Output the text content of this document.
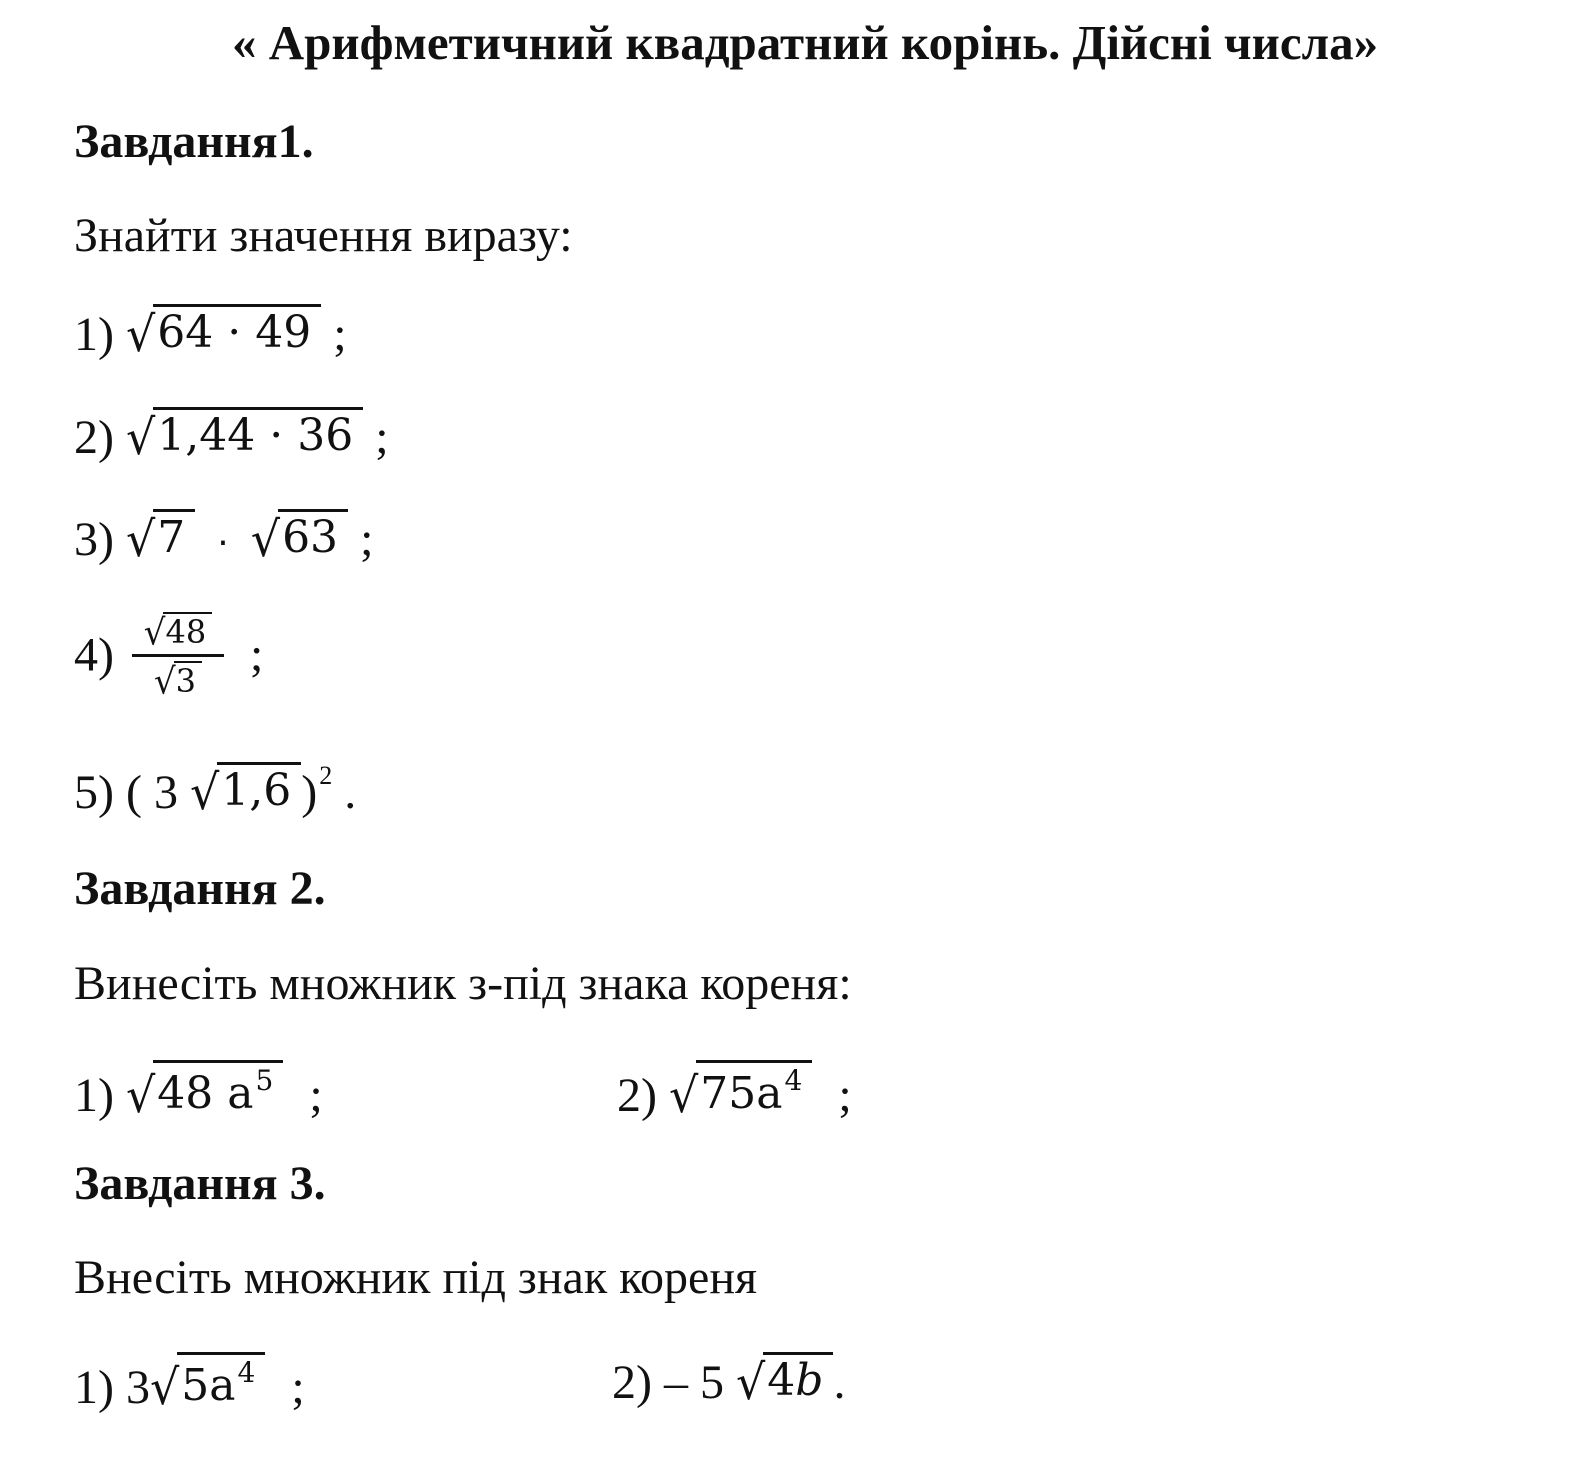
« Арифметичний квадратний корінь. Дійсні числа»
Завдання1.
Знайти значення виразу:
1) √ 64 · 49 ;
2) √ 1,44 · 36 ;
3) √ 7 · √ 63 ;
$4) \frac{√ 48}{√ 3}$ ;
5) ( 3 √ 1,6 )$^2$ .
Завдання 2.
Винесіть множник з-під знака кореня:
1) √ 48 $a^5$ ;	2) √ $75a^4$ ;
Завдання 3.
Внесіть множник під знак кореня
1) 3 √ $5a^4$ ;	2) – 5 √ 4b .
